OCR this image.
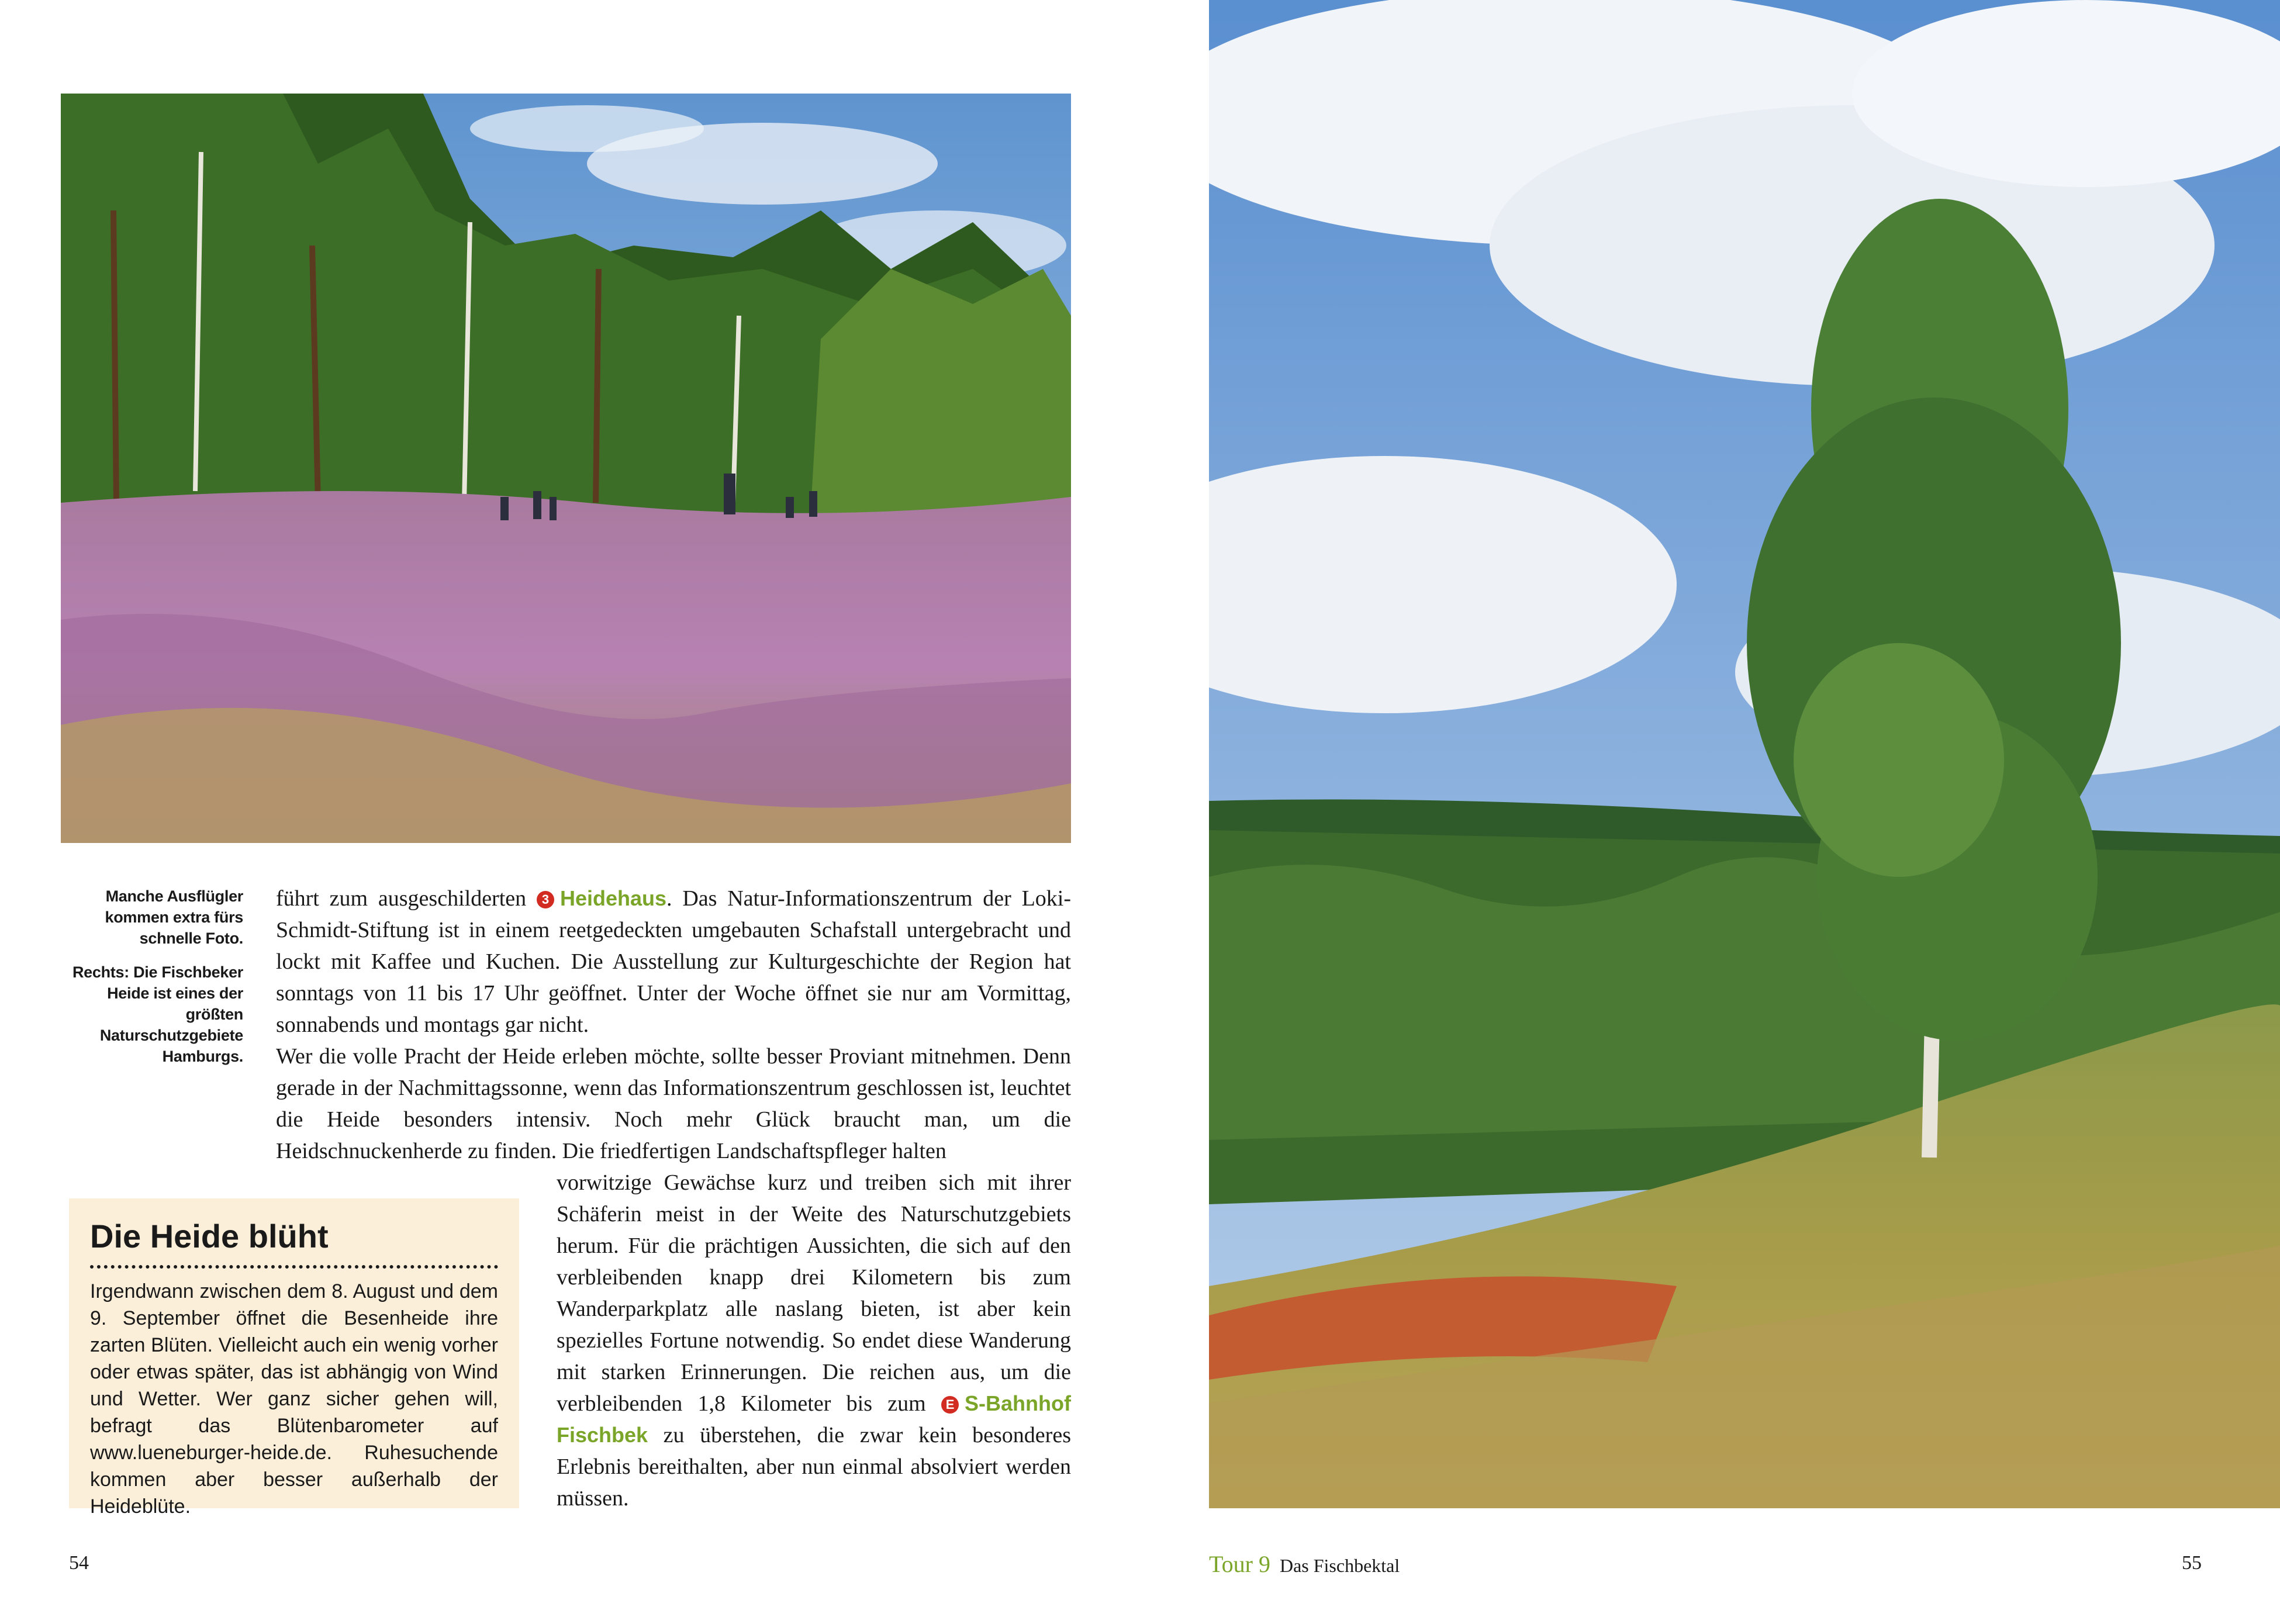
Manche Ausflügler kommen extra fürs schnelle Foto.

Rechts: Die Fischbeker Heide ist eines der größten Naturschutzgebiete Hamburgs.

führt zum ausgeschilderten 3 Heidehaus. Das Natur-Informationszentrum der Loki-Schmidt-Stiftung ist in einem reetgedeckten umgebauten Schafstall untergebracht und lockt mit Kaffee und Kuchen. Die Ausstellung zur Kulturgeschichte der Region hat sonntags von 11 bis 17 Uhr geöffnet. Unter der Woche öffnet sie nur am Vormittag, sonnabends und montags gar nicht.

Wer die volle Pracht der Heide erleben möchte, sollte besser Proviant mitnehmen. Denn gerade in der Nachmittagssonne, wenn das Informationszentrum geschlossen ist, leuchtet die Heide besonders intensiv. Noch mehr Glück braucht man, um die Heidschnuckenherde zu finden. Die friedfertigen Landschaftspfleger halten

Die Heide blüht

Irgendwann zwischen dem 8. August und dem 9. September öffnet die Besenheide ihre zarten Blüten. Vielleicht auch ein wenig vorher oder etwas später, das ist abhängig von Wind und Wetter. Wer ganz sicher gehen will, befragt das Blütenbarometer auf www.lueneburger-heide.de. Ruhesuchende kommen aber besser außerhalb der Heideblüte.

vorwitzige Gewächse kurz und treiben sich mit ihrer Schäferin meist in der Weite des Naturschutzgebiets herum. Für die prächtigen Aussichten, die sich auf den verbleibenden knapp drei Kilometern bis zum Wanderparkplatz alle naslang bieten, ist aber kein spezielles Fortune notwendig. So endet diese Wanderung mit starken Erinnerungen. Die reichen aus, um die verbleibenden 1,8 Kilometer bis zum E S-Bahnhof Fischbek zu überstehen, die zwar kein besonderes Erlebnis bereithalten, aber nun einmal absolviert werden müssen.

54	Tour 9 Das Fischbektal	55
